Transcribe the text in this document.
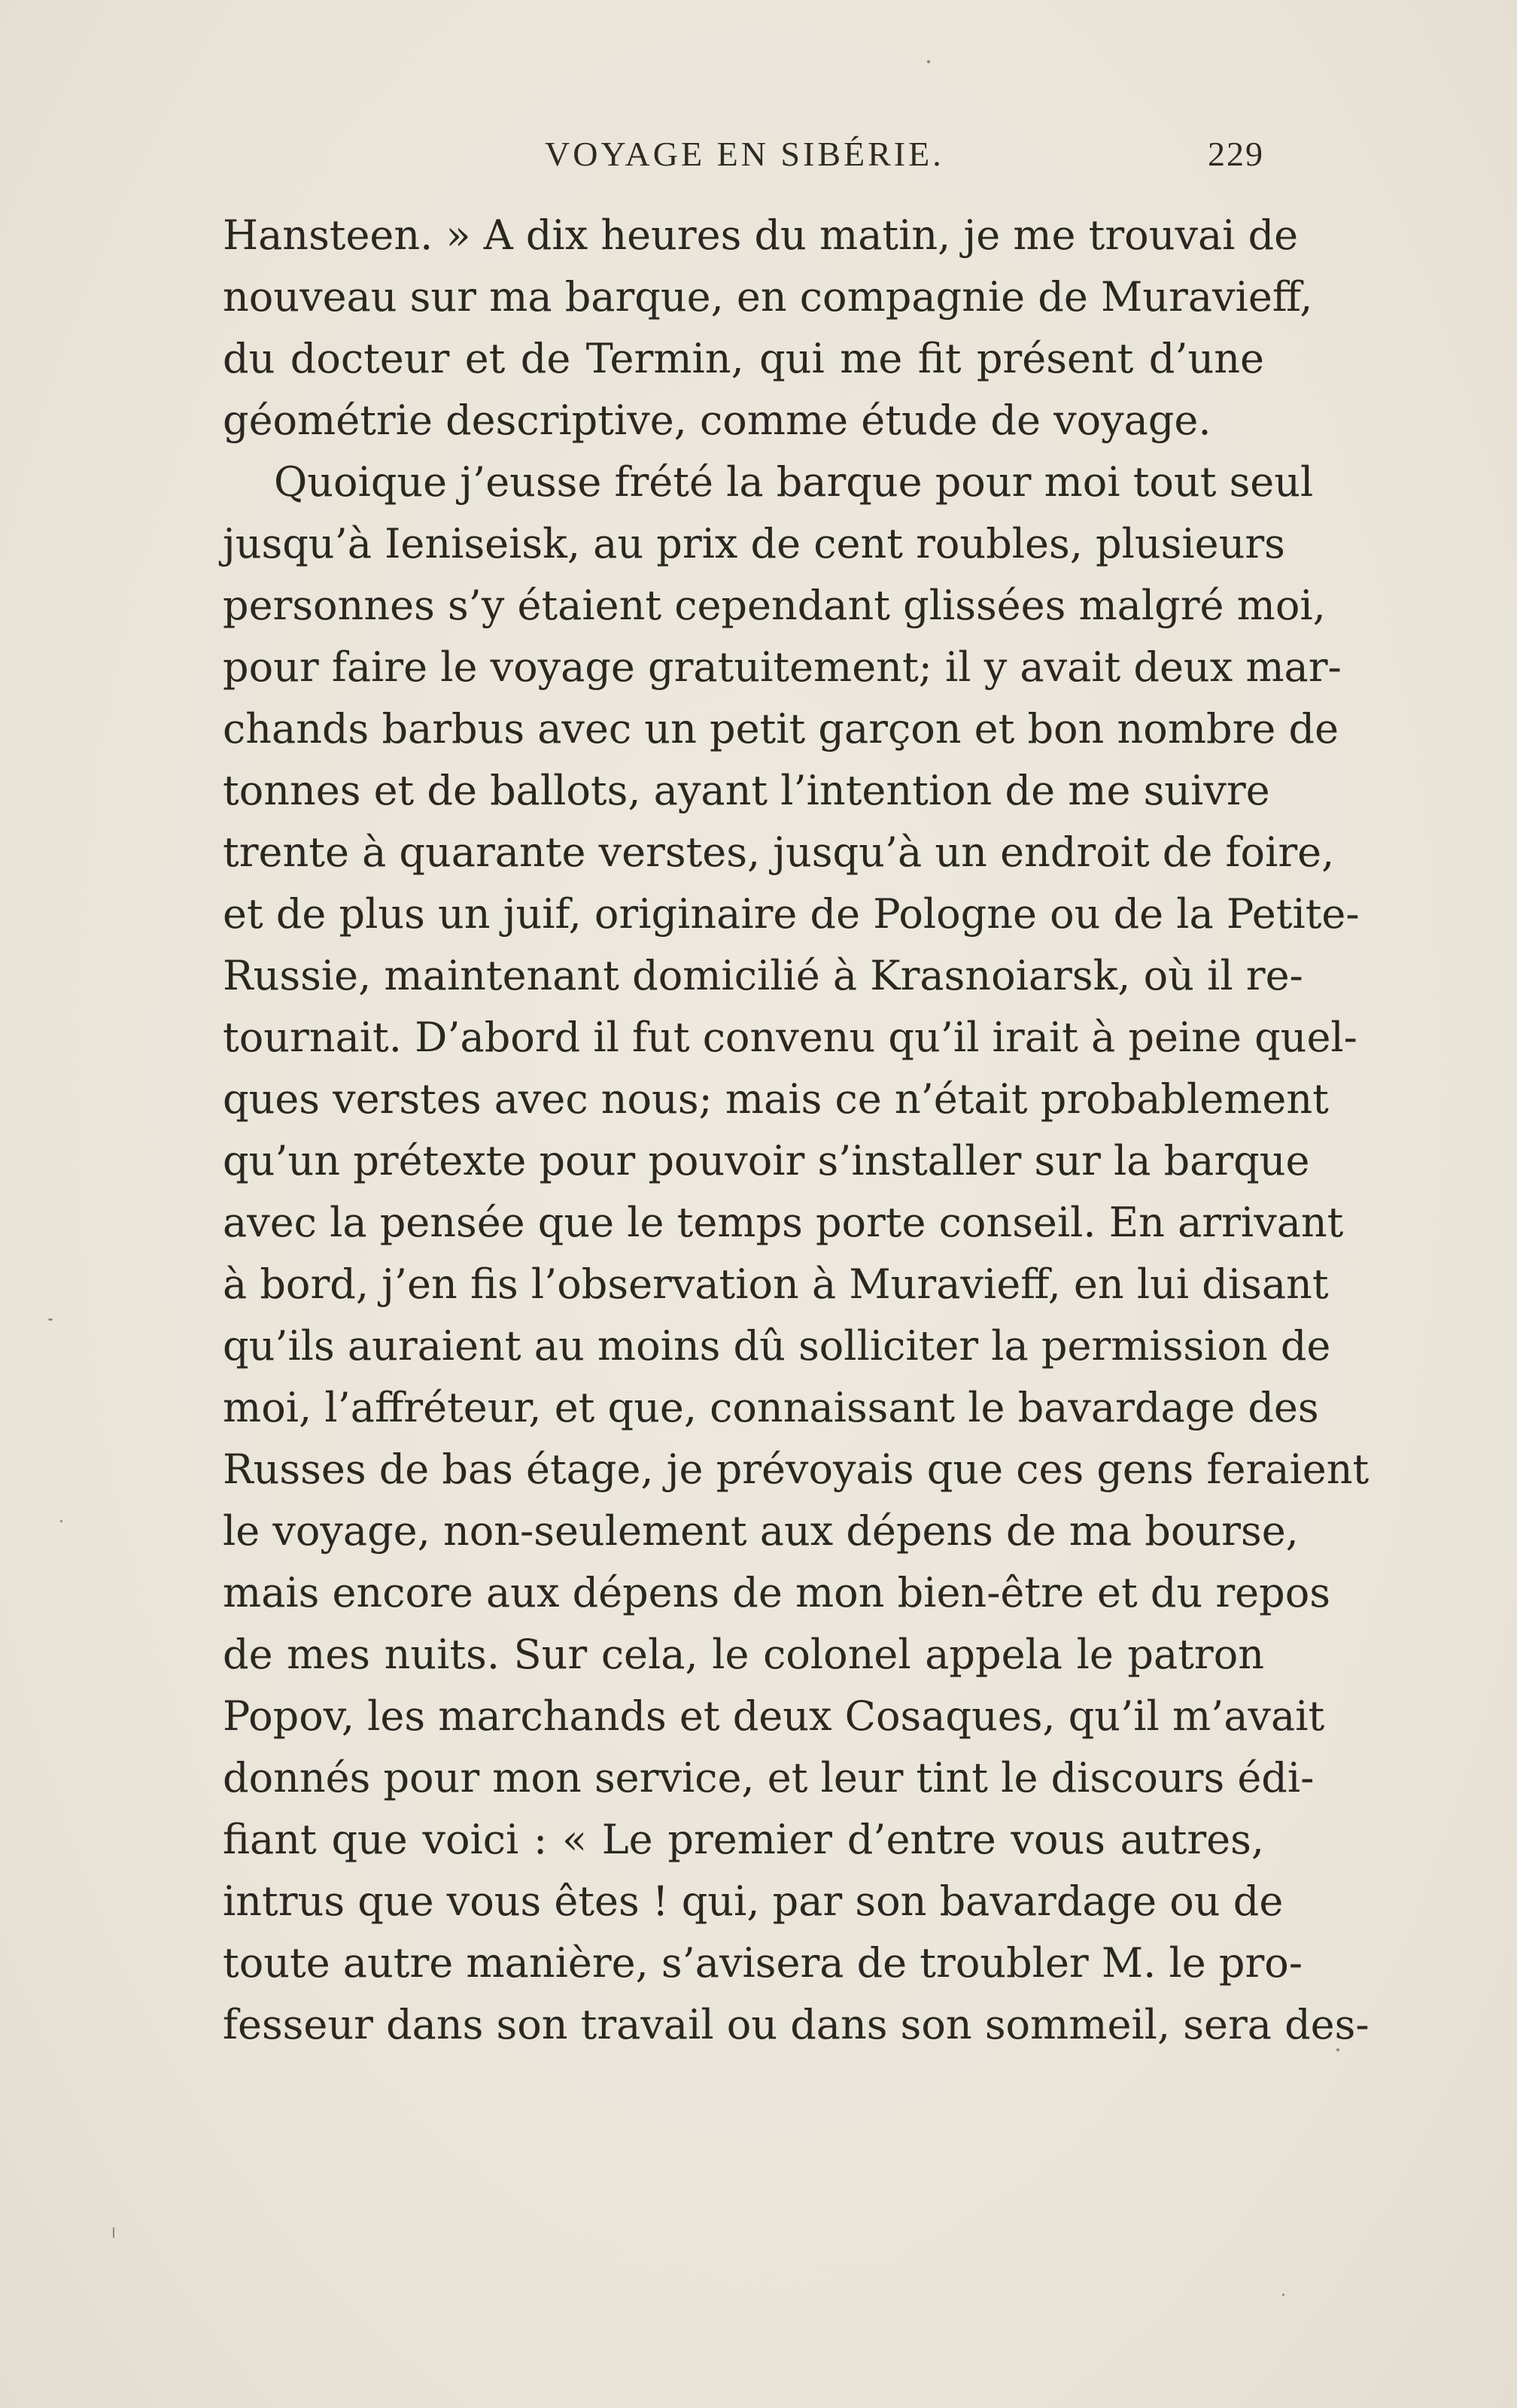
VOYAGE EN SIBÉRIE.	229
Hansteen. » A dix heures du matin, je me trouvai de
nouveau sur ma barque, en compagnie de Muravieff,
du docteur et de Termin, qui me fit présent d’une
géométrie descriptive, comme étude de voyage.
Quoique j’eusse frété la barque pour moi tout seul
jusqu’à Ieniseisk, au prix de cent roubles, plusieurs
personnes s’y étaient cependant glissées malgré moi,
pour faire le voyage gratuitement; il y avait deux mar-
chands barbus avec un petit garçon et bon nombre de
tonnes et de ballots, ayant l’intention de me suivre
trente à quarante verstes, jusqu’à un endroit de foire,
et de plus un juif, originaire de Pologne ou de la Petite-
Russie, maintenant domicilié à Krasnoiarsk, où il re-
tournait. D’abord il fut convenu qu’il irait à peine quel-
ques verstes avec nous; mais ce n’était probablement
qu’un prétexte pour pouvoir s’installer sur la barque
avec la pensée que le temps porte conseil. En arrivant
à bord, j’en fis l’observation à Muravieff, en lui disant
qu’ils auraient au moins dû solliciter la permission de
moi, l’affréteur, et que, connaissant le bavardage des
Russes de bas étage, je prévoyais que ces gens feraient
le voyage, non-seulement aux dépens de ma bourse,
mais encore aux dépens de mon bien-être et du repos
de mes nuits. Sur cela, le colonel appela le patron
Popov, les marchands et deux Cosaques, qu’il m’avait
donnés pour mon service, et leur tint le discours édi-
fiant que voici : « Le premier d’entre vous autres,
intrus que vous êtes ! qui, par son bavardage ou de
toute autre manière, s’avisera de troubler M. le pro-
fesseur dans son travail ou dans son sommeil, sera des-
